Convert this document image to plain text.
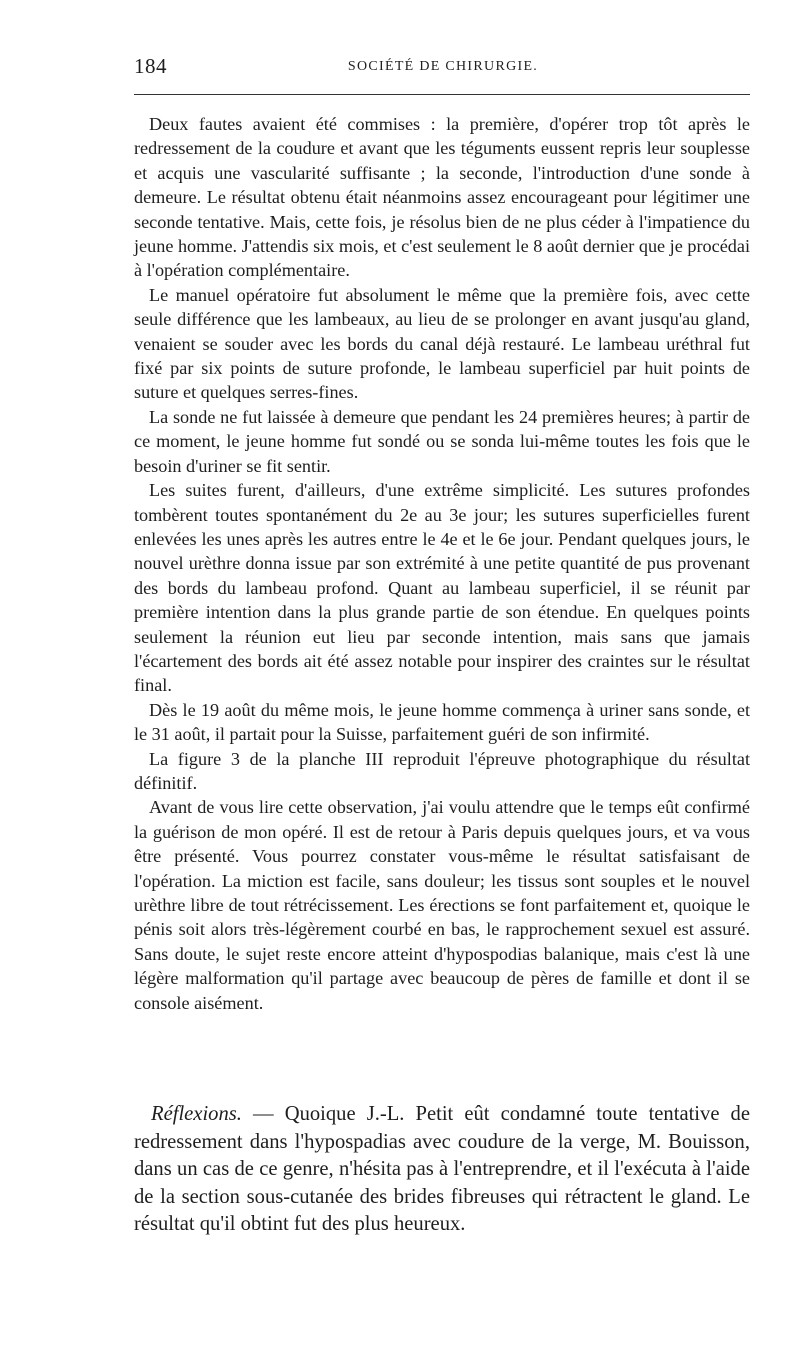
184	SOCIÉTÉ DE CHIRURGIE.

Deux fautes avaient été commises : la première, d'opérer trop tôt après le redressement de la coudure et avant que les téguments eussent repris leur souplesse et acquis une vascularité suffisante ; la seconde, l'introduction d'une sonde à demeure. Le résultat obtenu était néanmoins assez encourageant pour légitimer une seconde tentative. Mais, cette fois, je résolus bien de ne plus céder à l'impatience du jeune homme. J'attendis six mois, et c'est seulement le 8 août dernier que je procédai à l'opération complémentaire.

Le manuel opératoire fut absolument le même que la première fois, avec cette seule différence que les lambeaux, au lieu de se prolonger en avant jusqu'au gland, venaient se souder avec les bords du canal déjà restauré. Le lambeau uréthral fut fixé par six points de suture profonde, le lambeau superficiel par huit points de suture et quelques serres-fines.

La sonde ne fut laissée à demeure que pendant les 24 premières heures; à partir de ce moment, le jeune homme fut sondé ou se sonda lui-même toutes les fois que le besoin d'uriner se fit sentir.

Les suites furent, d'ailleurs, d'une extrême simplicité. Les sutures profondes tombèrent toutes spontanément du 2e au 3e jour; les sutures superficielles furent enlevées les unes après les autres entre le 4e et le 6e jour. Pendant quelques jours, le nouvel urèthre donna issue par son extrémité à une petite quantité de pus provenant des bords du lambeau profond. Quant au lambeau superficiel, il se réunit par première intention dans la plus grande partie de son étendue. En quelques points seulement la réunion eut lieu par seconde intention, mais sans que jamais l'écartement des bords ait été assez notable pour inspirer des craintes sur le résultat final.

Dès le 19 août du même mois, le jeune homme commença à uriner sans sonde, et le 31 août, il partait pour la Suisse, parfaitement guéri de son infirmité.

La figure 3 de la planche III reproduit l'épreuve photographique du résultat définitif.

Avant de vous lire cette observation, j'ai voulu attendre que le temps eût confirmé la guérison de mon opéré. Il est de retour à Paris depuis quelques jours, et va vous être présenté. Vous pourrez constater vous-même le résultat satisfaisant de l'opération. La miction est facile, sans douleur; les tissus sont souples et le nouvel urèthre libre de tout rétrécissement. Les érections se font parfaitement et, quoique le pénis soit alors très-légèrement courbé en bas, le rapprochement sexuel est assuré. Sans doute, le sujet reste encore atteint d'hypospodias balanique, mais c'est là une légère malformation qu'il partage avec beaucoup de pères de famille et dont il se console aisément.

Réflexions. — Quoique J.-L. Petit eût condamné toute tentative de redressement dans l'hypospadias avec coudure de la verge, M. Bouisson, dans un cas de ce genre, n'hésita pas à l'entreprendre, et il l'exécuta à l'aide de la section sous-cutanée des brides fibreuses qui rétractent le gland. Le résultat qu'il obtint fut des plus heureux.
